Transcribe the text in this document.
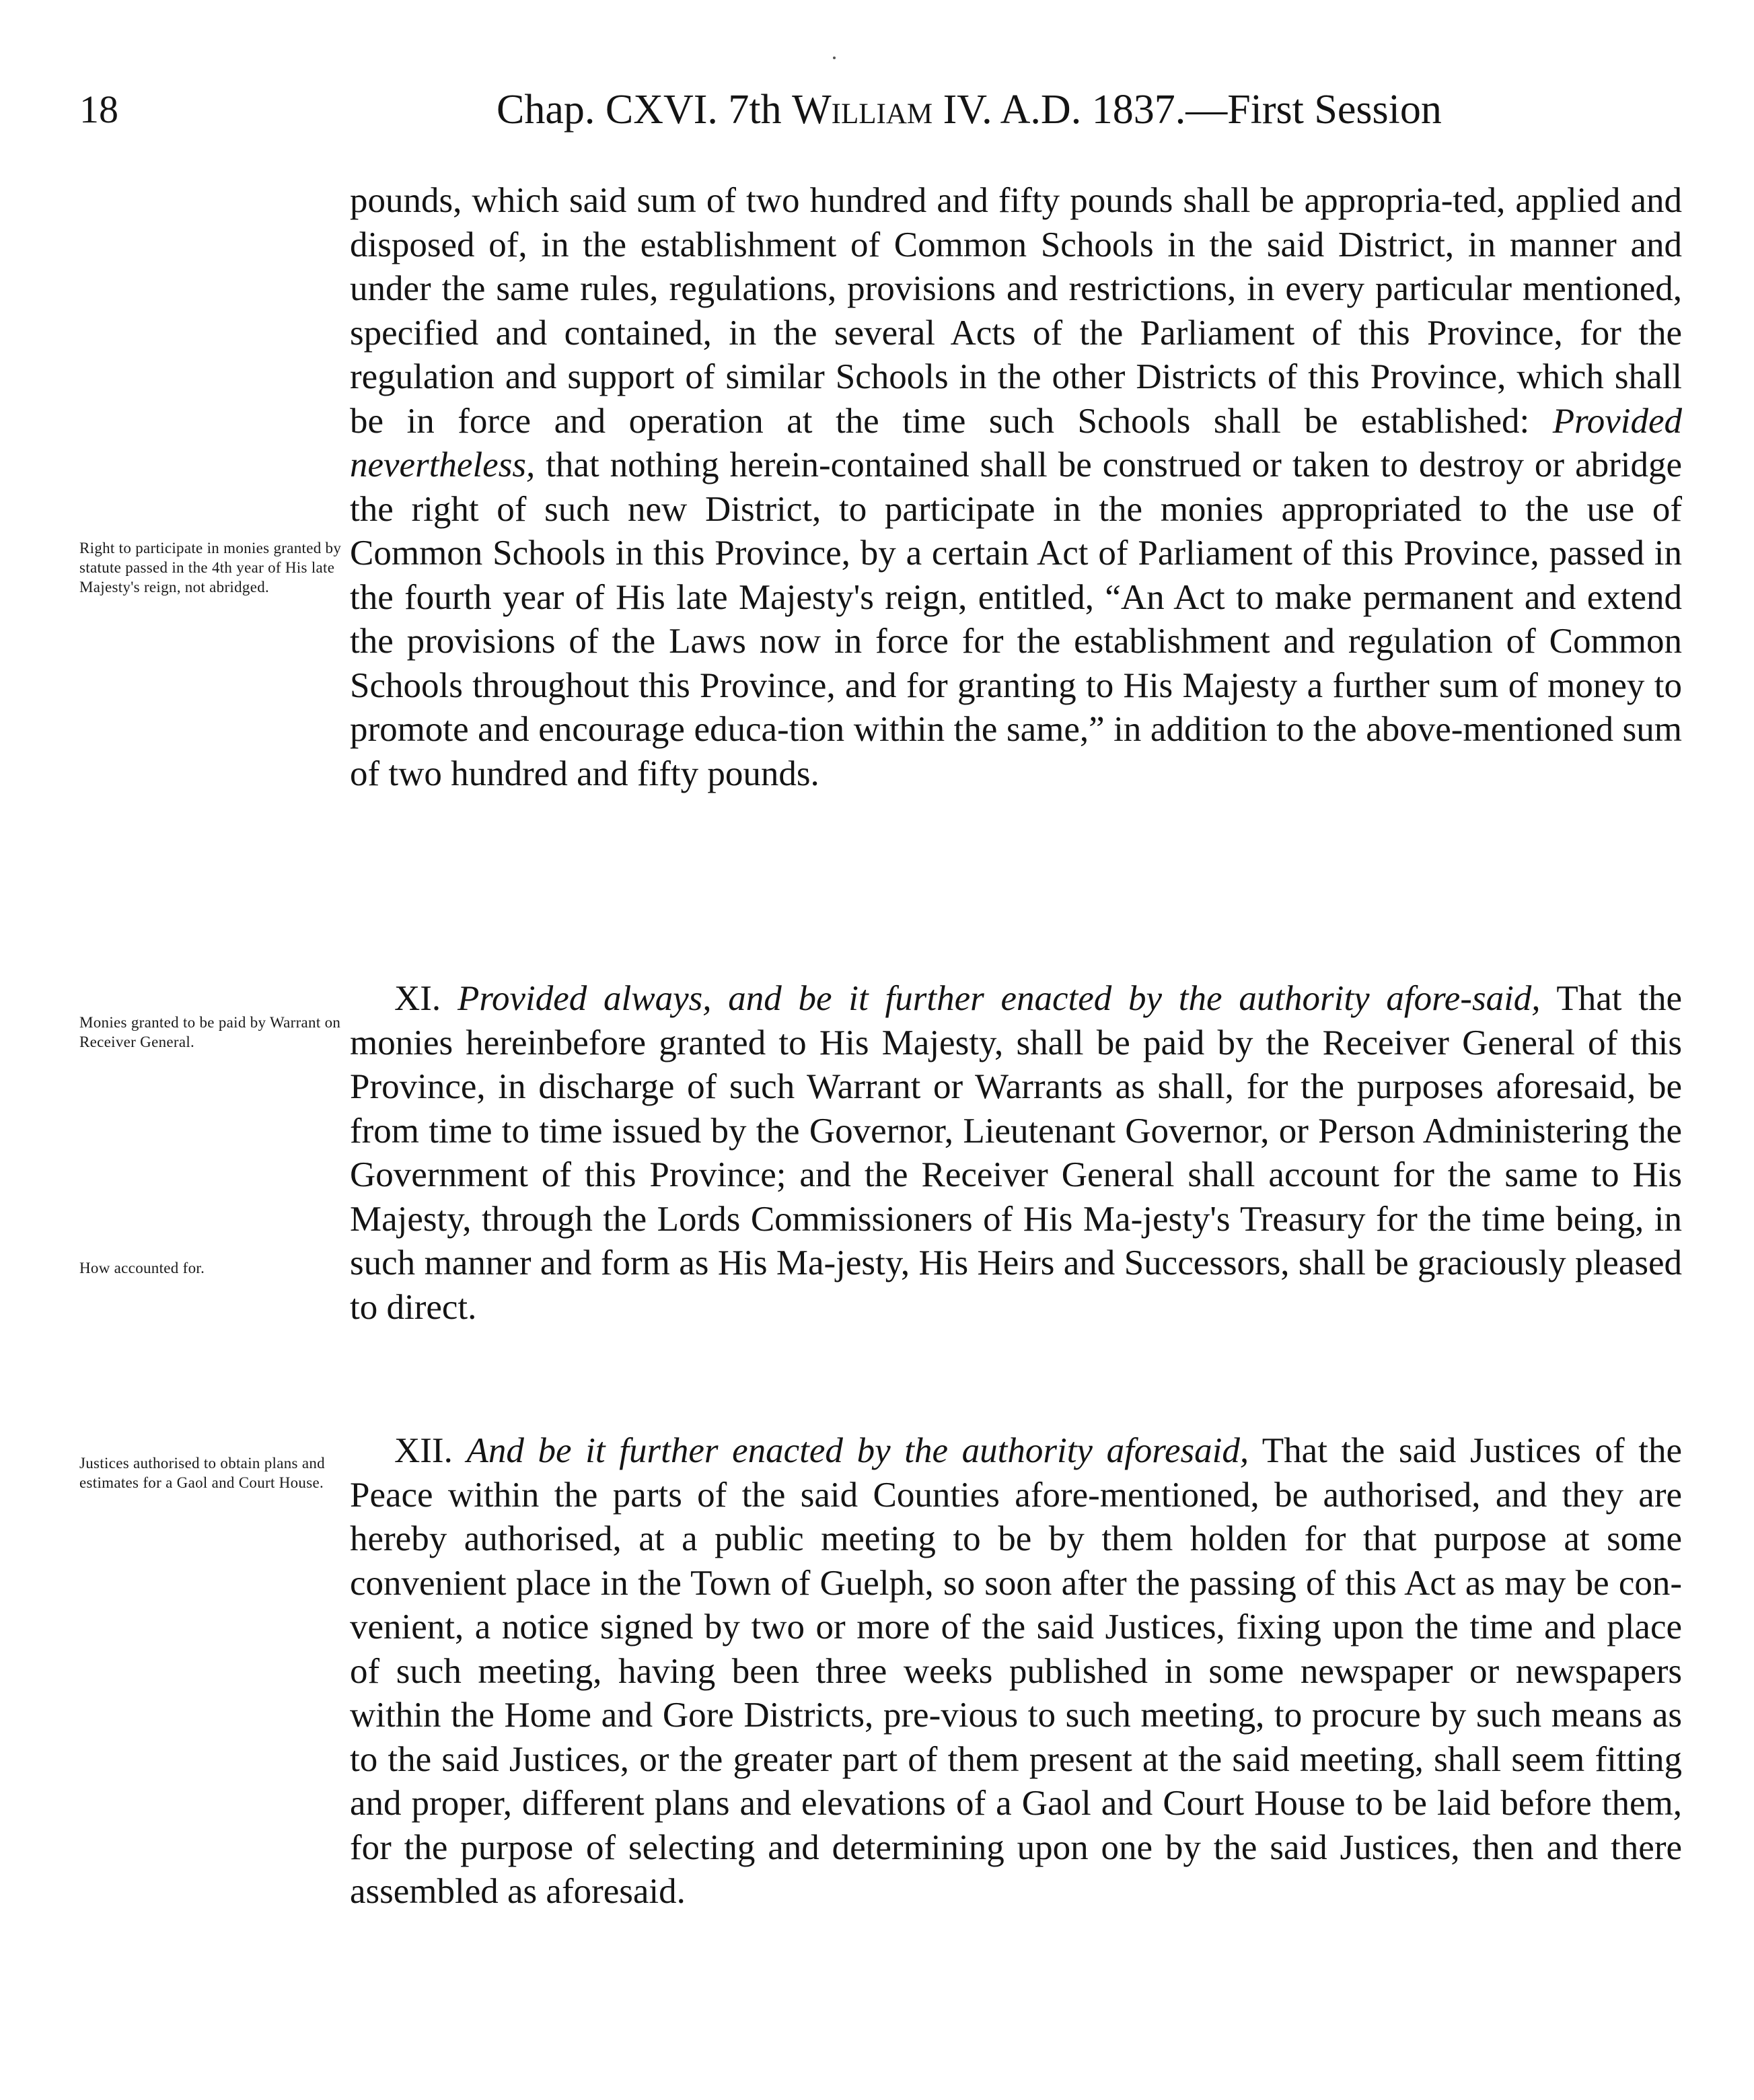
18	Chap. CXVI. 7th William IV. A.D. 1837.—First Session
Right to participate in monies granted by statute passed in the 4th year of His late Majesty's reign, not abridged.
Monies granted to be paid by Warrant on Receiver General.
How accounted for.
Justices authorised to obtain plans and estimates for a Gaol and Court House.
pounds, which said sum of two hundred and fifty pounds shall be appropria-ted, applied and disposed of, in the establishment of Common Schools in the said District, in manner and under the same rules, regulations, provisions and restrictions, in every particular mentioned, specified and contained, in the several Acts of the Parliament of this Province, for the regulation and support of similar Schools in the other Districts of this Province, which shall be in force and operation at the time such Schools shall be established: Provided nevertheless, that nothing herein-contained shall be construed or taken to destroy or abridge the right of such new District, to participate in the monies appropriated to the use of Common Schools in this Province, by a certain Act of Parliament of this Province, passed in the fourth year of His late Majesty's reign, entitled, “An Act to make permanent and extend the provisions of the Laws now in force for the establishment and regulation of Common Schools throughout this Province, and for granting to His Majesty a further sum of money to promote and encourage educa-tion within the same,” in addition to the above-mentioned sum of two hundred and fifty pounds.
XI. Provided always, and be it further enacted by the authority afore-said, That the monies hereinbefore granted to His Majesty, shall be paid by the Receiver General of this Province, in discharge of such Warrant or Warrants as shall, for the purposes aforesaid, be from time to time issued by the Governor, Lieutenant Governor, or Person Administering the Government of this Province; and the Receiver General shall account for the same to His Majesty, through the Lords Commissioners of His Ma-jesty's Treasury for the time being, in such manner and form as His Ma-jesty, His Heirs and Successors, shall be graciously pleased to direct.
XII. And be it further enacted by the authority aforesaid, That the said Justices of the Peace within the parts of the said Counties afore-mentioned, be authorised, and they are hereby authorised, at a public meeting to be by them holden for that purpose at some convenient place in the Town of Guelph, so soon after the passing of this Act as may be con-venient, a notice signed by two or more of the said Justices, fixing upon the time and place of such meeting, having been three weeks published in some newspaper or newspapers within the Home and Gore Districts, pre-vious to such meeting, to procure by such means as to the said Justices, or the greater part of them present at the said meeting, shall seem fitting and proper, different plans and elevations of a Gaol and Court House to be laid before them, for the purpose of selecting and determining upon one by the said Justices, then and there assembled as aforesaid.
